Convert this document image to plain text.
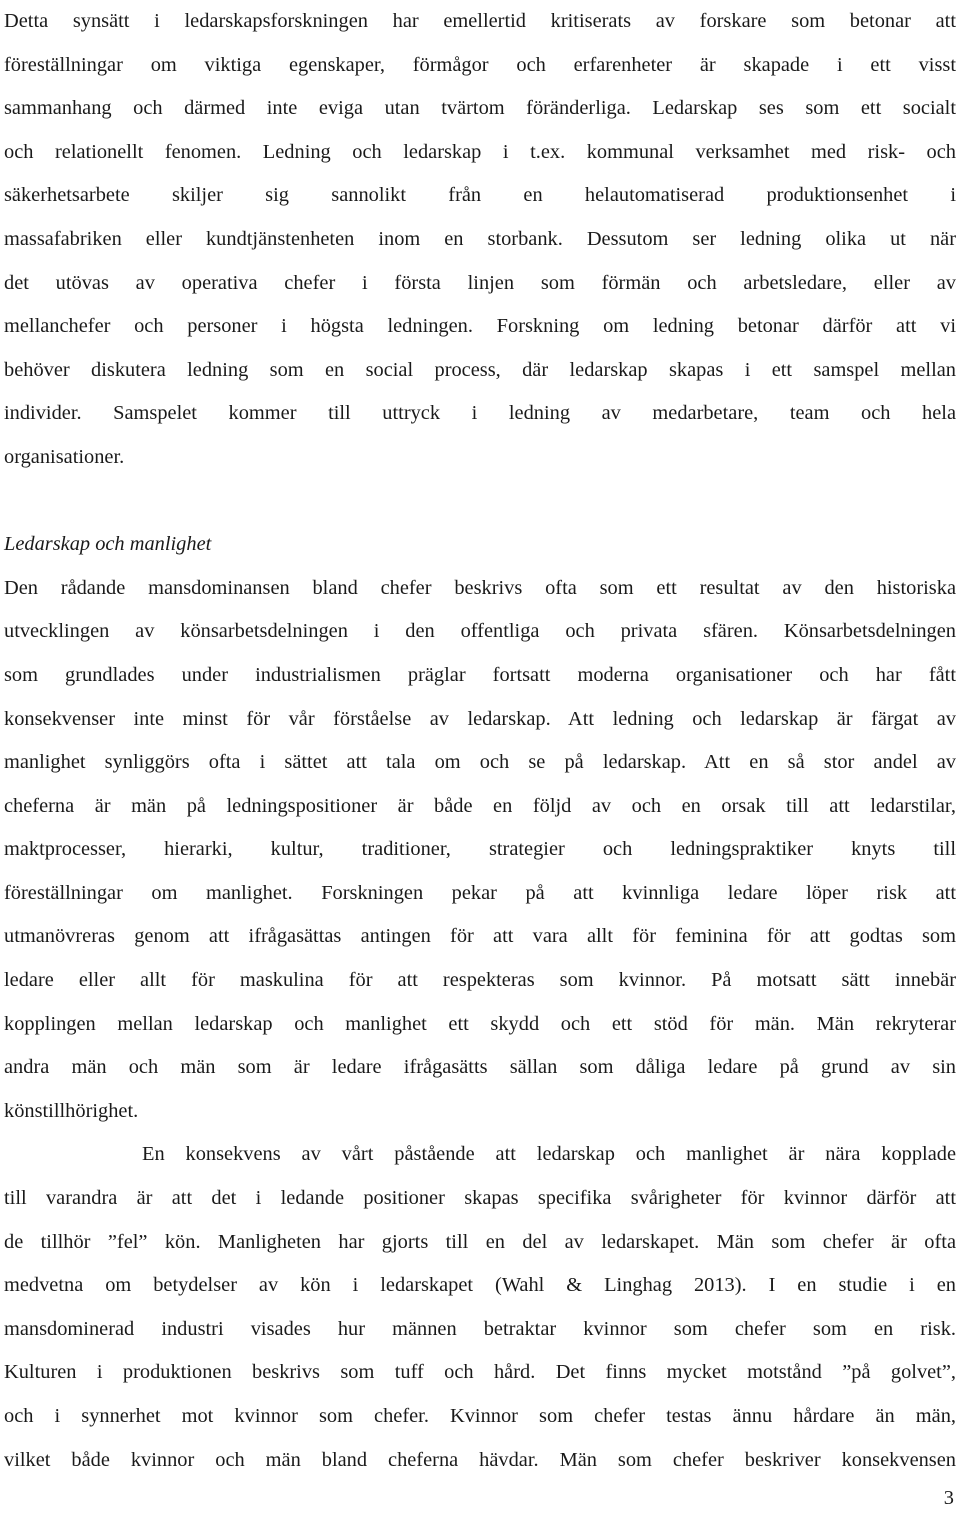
Detta synsätt i ledarskapsforskningen har emellertid kritiserats av forskare som betonar att
föreställningar om viktiga egenskaper, förmågor och erfarenheter är skapade i ett visst
sammanhang och därmed inte eviga utan tvärtom föränderliga. Ledarskap ses som ett socialt
och relationellt fenomen. Ledning och ledarskap i t.ex. kommunal verksamhet med risk- och
säkerhetsarbete skiljer sig sannolikt från en helautomatiserad produktionsenhet i
massafabriken eller kundtjänstenheten inom en storbank. Dessutom ser ledning olika ut när
det utövas av operativa chefer i första linjen som förmän och arbetsledare, eller av
mellanchefer och personer i högsta ledningen. Forskning om ledning betonar därför att vi
behöver diskutera ledning som en social process, där ledarskap skapas i ett samspel mellan
individer. Samspelet kommer till uttryck i ledning av medarbetare, team och hela
organisationer.
Ledarskap och manlighet
Den rådande mansdominansen bland chefer beskrivs ofta som ett resultat av den historiska
utvecklingen av könsarbetsdelningen i den offentliga och privata sfären. Könsarbetsdelningen
som grundlades under industrialismen präglar fortsatt moderna organisationer och har fått
konsekvenser inte minst för vår förståelse av ledarskap. Att ledning och ledarskap är färgat av
manlighet synliggörs ofta i sättet att tala om och se på ledarskap. Att en så stor andel av
cheferna är män på ledningspositioner är både en följd av och en orsak till att ledarstilar,
maktprocesser, hierarki, kultur, traditioner, strategier och ledningspraktiker knyts till
föreställningar om manlighet. Forskningen pekar på att kvinnliga ledare löper risk att
utmanövreras genom att ifrågasättas antingen för att vara allt för feminina för att godtas som
ledare eller allt för maskulina för att respekteras som kvinnor. På motsatt sätt innebär
kopplingen mellan ledarskap och manlighet ett skydd och ett stöd för män. Män rekryterar
andra män och män som är ledare ifrågasätts sällan som dåliga ledare på grund av sin
könstillhörighet.
En konsekvens av vårt påstående att ledarskap och manlighet är nära kopplade
till varandra är att det i ledande positioner skapas specifika svårigheter för kvinnor därför att
de tillhör ”fel” kön. Manligheten har gjorts till en del av ledarskapet. Män som chefer är ofta
medvetna om betydelser av kön i ledarskapet (Wahl & Linghag 2013). I en studie i en
mansdominerad industri visades hur männen betraktar kvinnor som chefer som en risk.
Kulturen i produktionen beskrivs som tuff och hård. Det finns mycket motstånd ”på golvet”,
och i synnerhet mot kvinnor som chefer. Kvinnor som chefer testas ännu hårdare än män,
vilket både kvinnor och män bland cheferna hävdar. Män som chefer beskriver konsekvensen
3
